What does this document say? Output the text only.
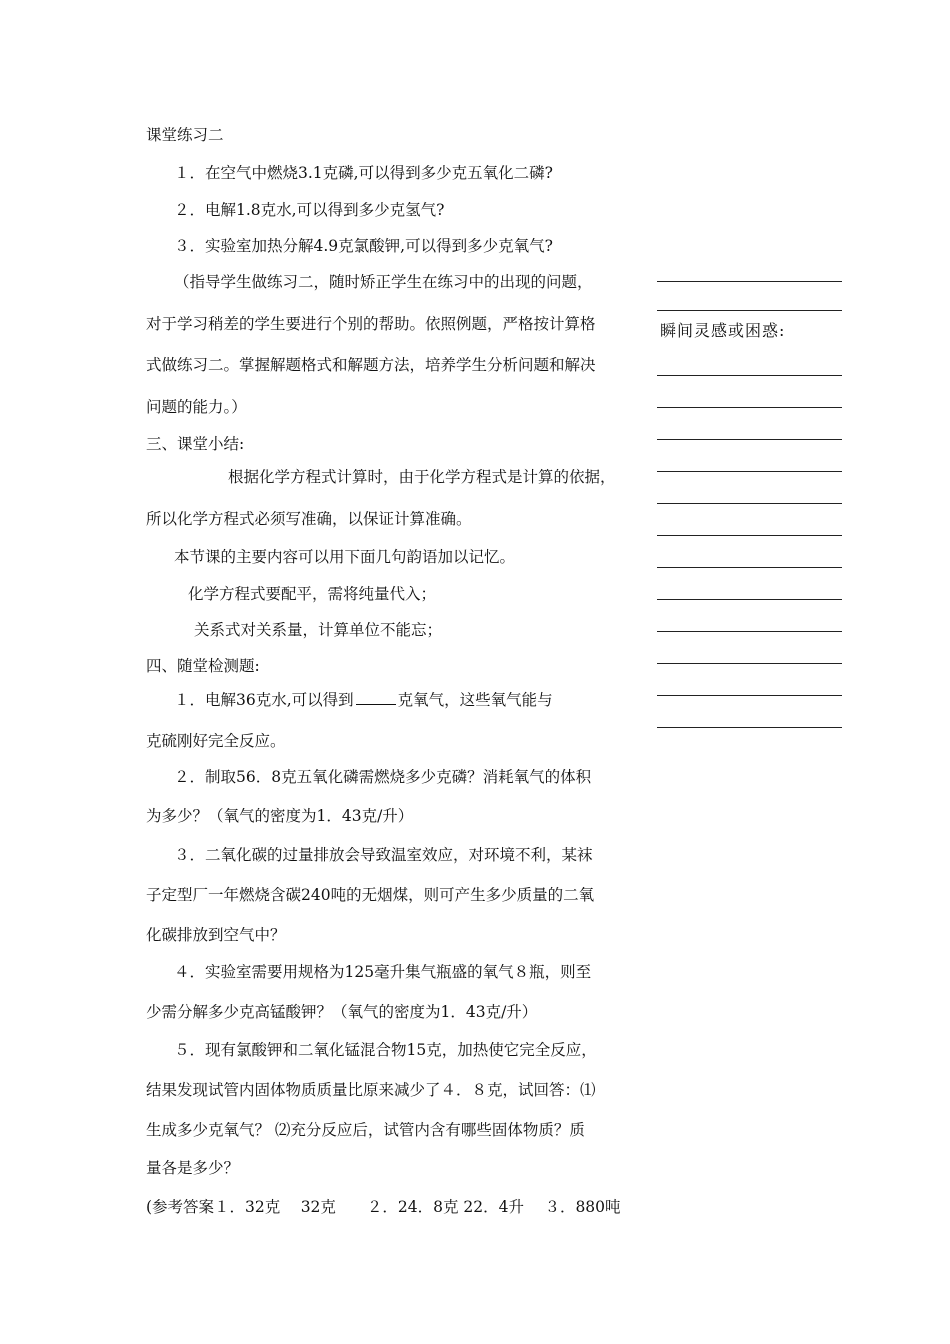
课堂练习二
１．在空气中燃烧3.1克磷,可以得到多少克五氧化二磷?
２．电解1.8克水,可以得到多少克氢气?
３．实验室加热分解4.9克氯酸钾,可以得到多少克氧气?
（指导学生做练习二，随时矫正学生在练习中的出现的问题，
对于学习稍差的学生要进行个别的帮助。依照例题，严格按计算格
式做练习二。掌握解题格式和解题方法，培养学生分析问题和解决
问题的能力。）
三、课堂小结:
根据化学方程式计算时，由于化学方程式是计算的依据，
所以化学方程式必须写准确，以保证计算准确。
本节课的主要内容可以用下面几句韵语加以记忆。
化学方程式要配平，需将纯量代入；
关系式对关系量，计算单位不能忘；
四、随堂检测题:
１．电解36克水,可以得到	克氧气，这些氧气能与
克硫刚好完全反应。
２．制取56．8克五氧化磷需燃烧多少克磷？消耗氧气的体积
为多少？（氧气的密度为1．43克/升）
３．二氧化碳的过量排放会导致温室效应，对环境不利，某袜
子定型厂一年燃烧含碳240吨的无烟煤，则可产生多少质量的二氧
化碳排放到空气中？
４．实验室需要用规格为125毫升集气瓶盛的氧气８瓶，则至
少需分解多少克高锰酸钾？（氧气的密度为1．43克/升）
５．现有氯酸钾和二氧化锰混合物15克，加热使它完全反应，
结果发现试管内固体物质质量比原来减少了４．８克，试回答：⑴
生成多少克氧气？ ⑵充分反应后，试管内含有哪些固体物质？质
量各是多少？
(参考答案１．32克　 32克　　２．24．8克 22．4升　 ３．880吨
瞬间灵感或困惑:
